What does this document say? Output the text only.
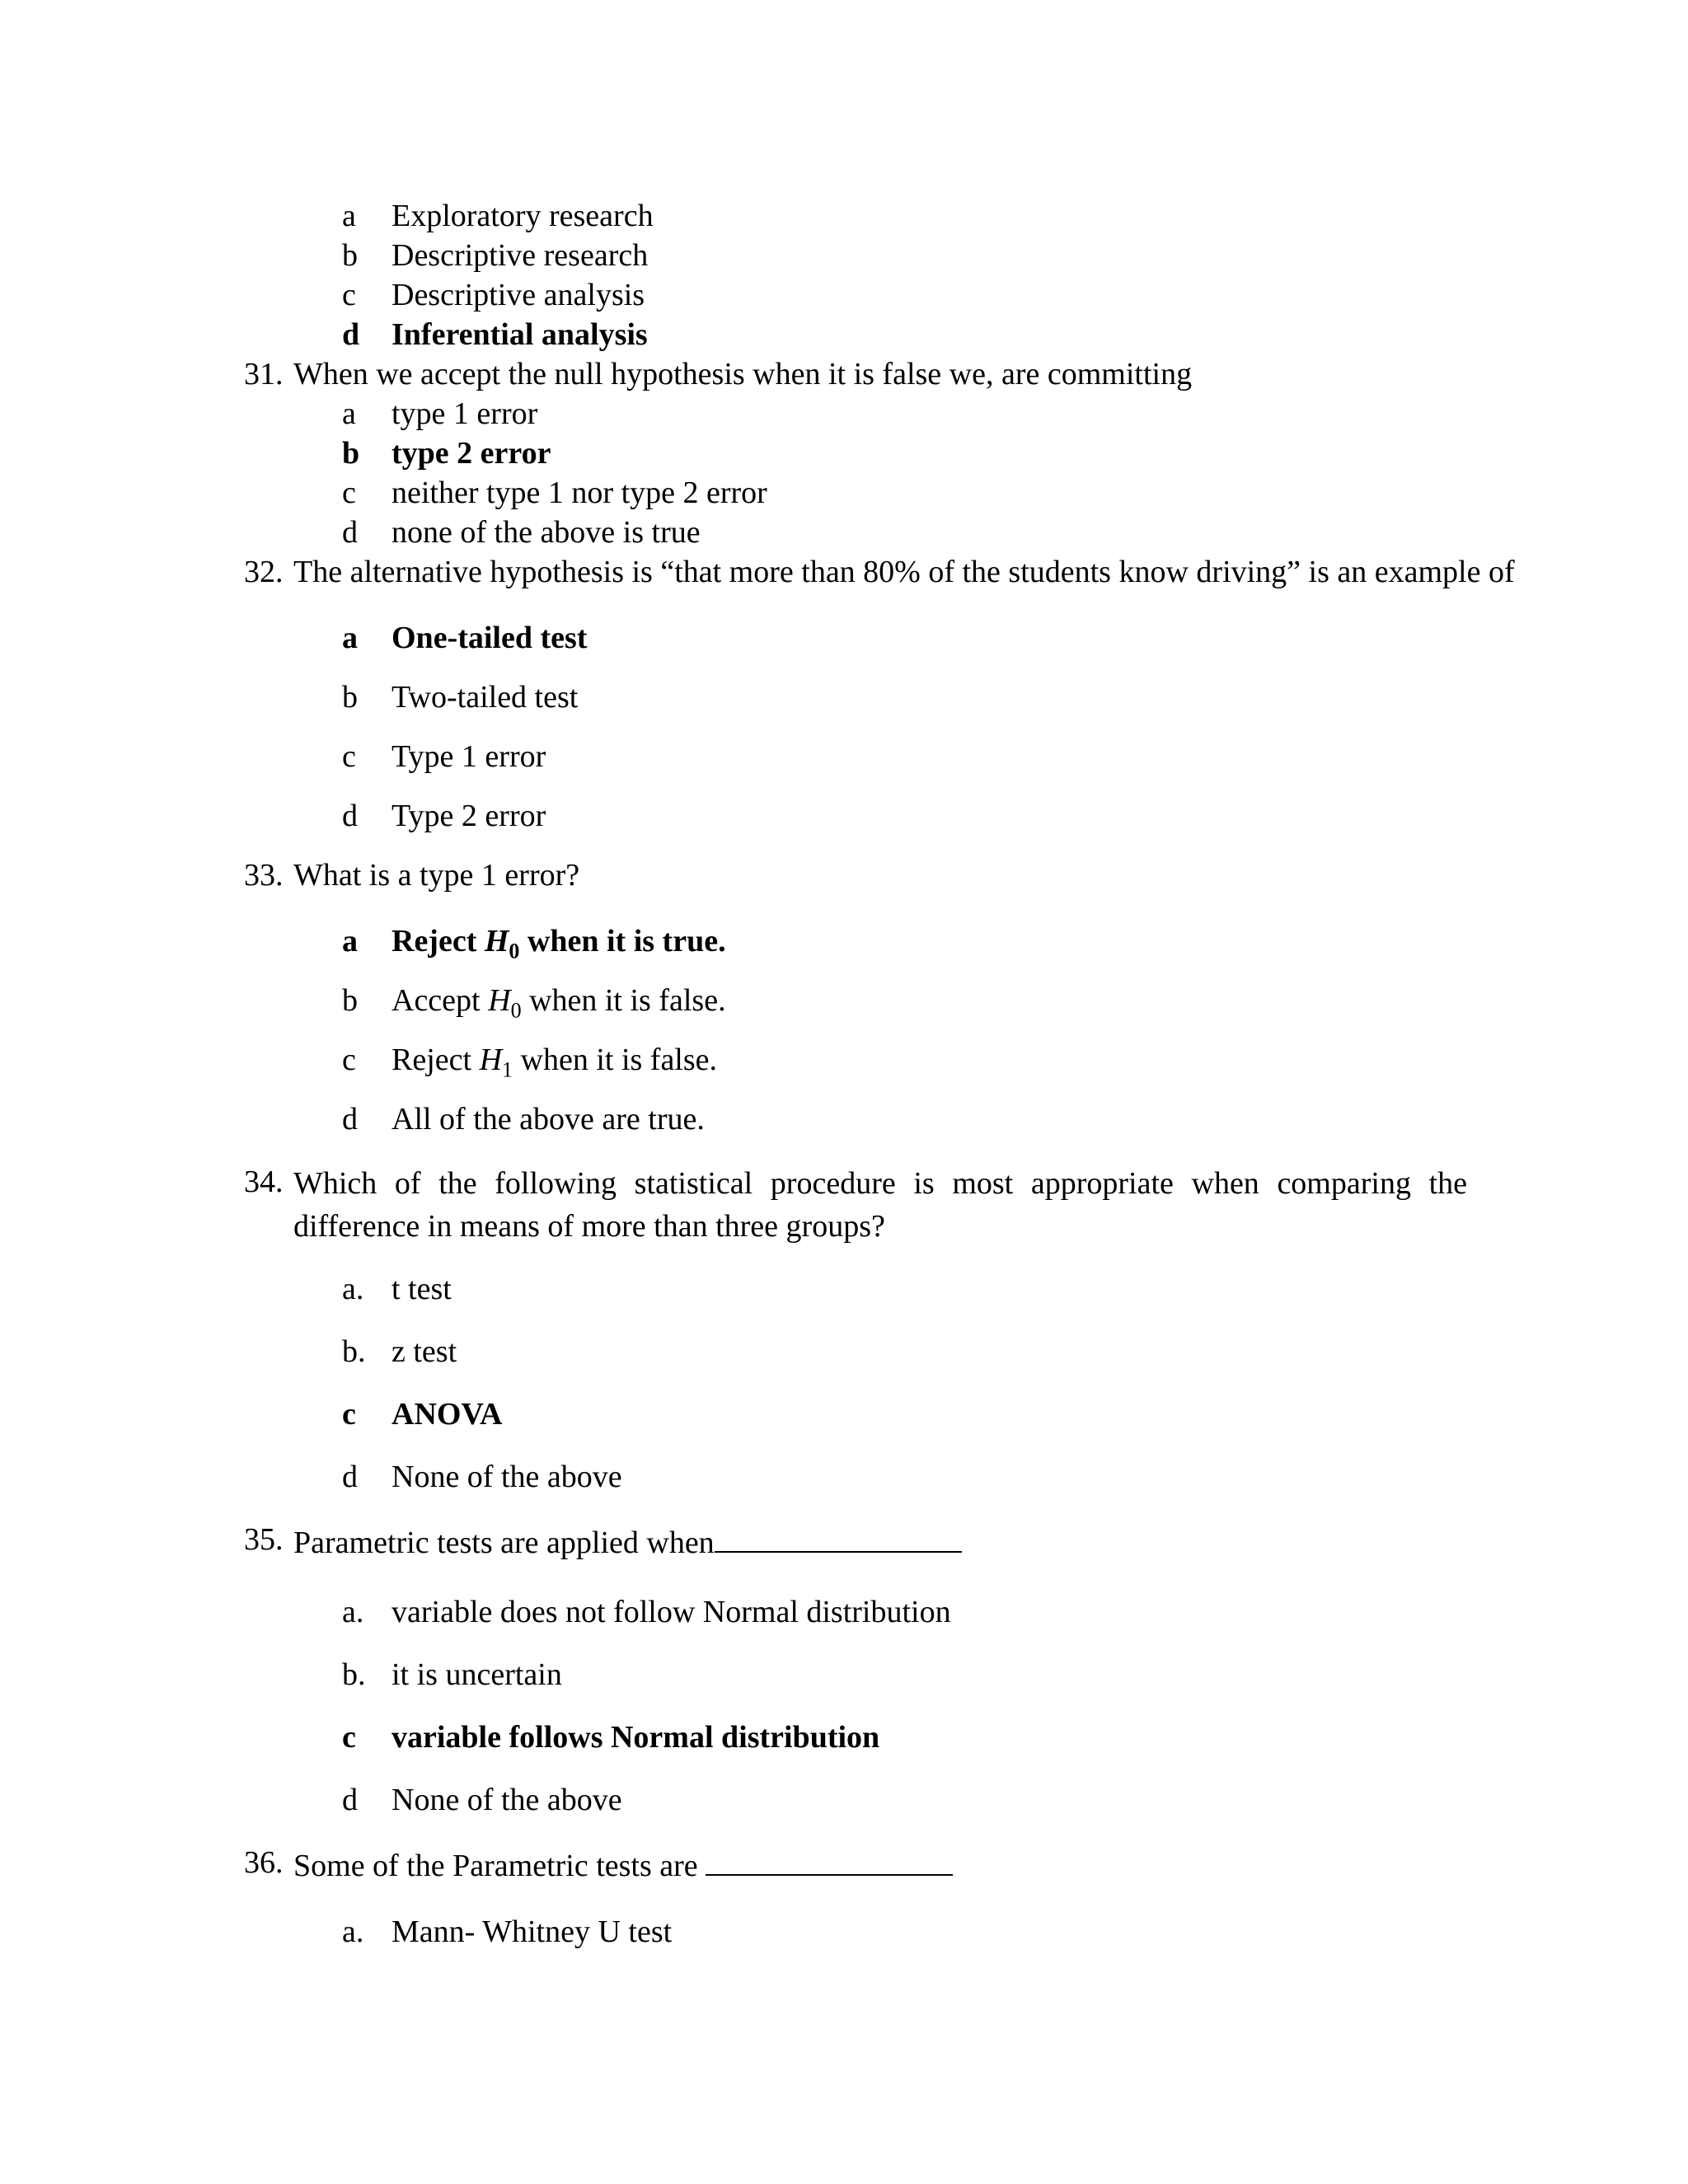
a Exploratory research
b Descriptive research
c Descriptive analysis
d Inferential analysis
31. When we accept the null hypothesis when it is false we, are committing
a type 1 error
b type 2 error
c neither type 1 nor type 2 error
d none of the above is true
32. The alternative hypothesis is “that more than 80% of the students know driving” is an example of
a One-tailed test
b Two-tailed test
c Type 1 error
d Type 2 error
33. What is a type 1 error?
a Reject $H_0$ when it is true.
b Accept $H_0$ when it is false.
c Reject $H_1$ when it is false.
d All of the above are true.
34. Which of the following statistical procedure is most appropriate when comparing the difference in means of more than three groups?
a. t test
b. z test
c ANOVA
d None of the above
35. Parametric tests are applied when
a. variable does not follow Normal distribution
b. it is uncertain
c variable follows Normal distribution
d None of the above
36. Some of the Parametric tests are
a. Mann- Whitney U test
